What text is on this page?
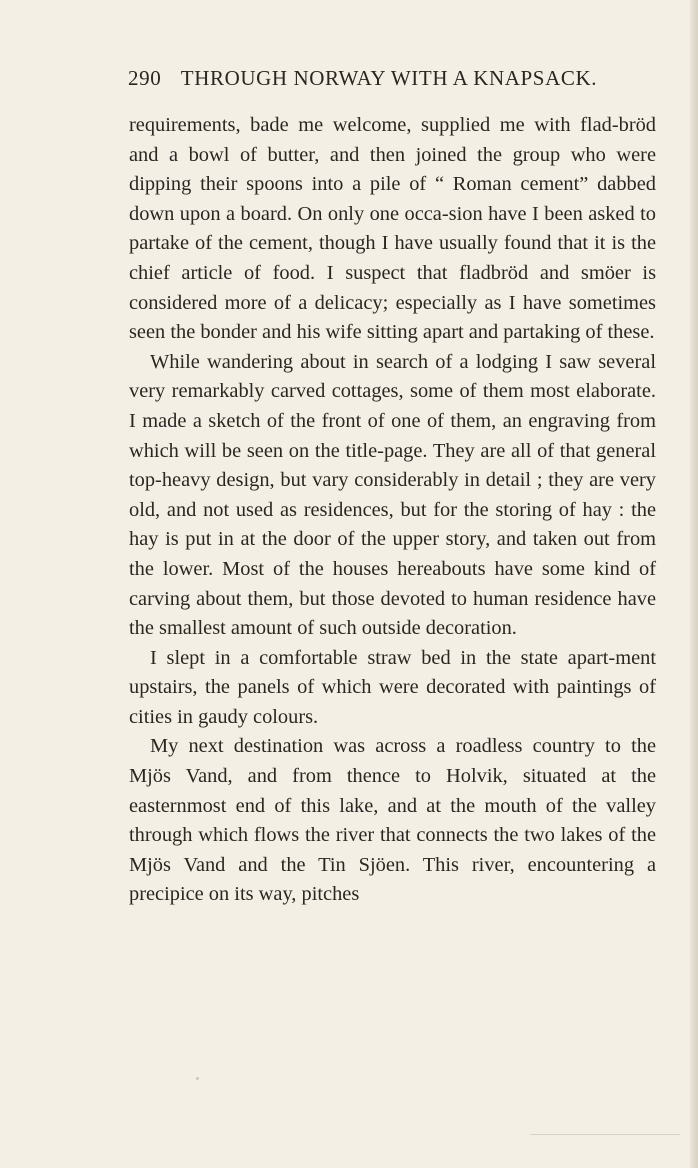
290 THROUGH NORWAY WITH A KNAPSACK.

requirements, bade me welcome, supplied me with flad-bröd and a bowl of butter, and then joined the group who were dipping their spoons into a pile of “ Roman cement” dabbed down upon a board. On only one occa-sion have I been asked to partake of the cement, though I have usually found that it is the chief article of food. I suspect that fladbröd and smöer is considered more of a delicacy; especially as I have sometimes seen the bonder and his wife sitting apart and partaking of these.

While wandering about in search of a lodging I saw several very remarkably carved cottages, some of them most elaborate. I made a sketch of the front of one of them, an engraving from which will be seen on the title-page. They are all of that general top-heavy design, but vary considerably in detail ; they are very old, and not used as residences, but for the storing of hay : the hay is put in at the door of the upper story, and taken out from the lower. Most of the houses hereabouts have some kind of carving about them, but those devoted to human residence have the smallest amount of such outside decoration.

I slept in a comfortable straw bed in the state apart-ment upstairs, the panels of which were decorated with paintings of cities in gaudy colours.

My next destination was across a roadless country to the Mjös Vand, and from thence to Holvik, situated at the easternmost end of this lake, and at the mouth of the valley through which flows the river that connects the two lakes of the Mjös Vand and the Tin Sjöen. This river, encountering a precipice on its way, pitches
